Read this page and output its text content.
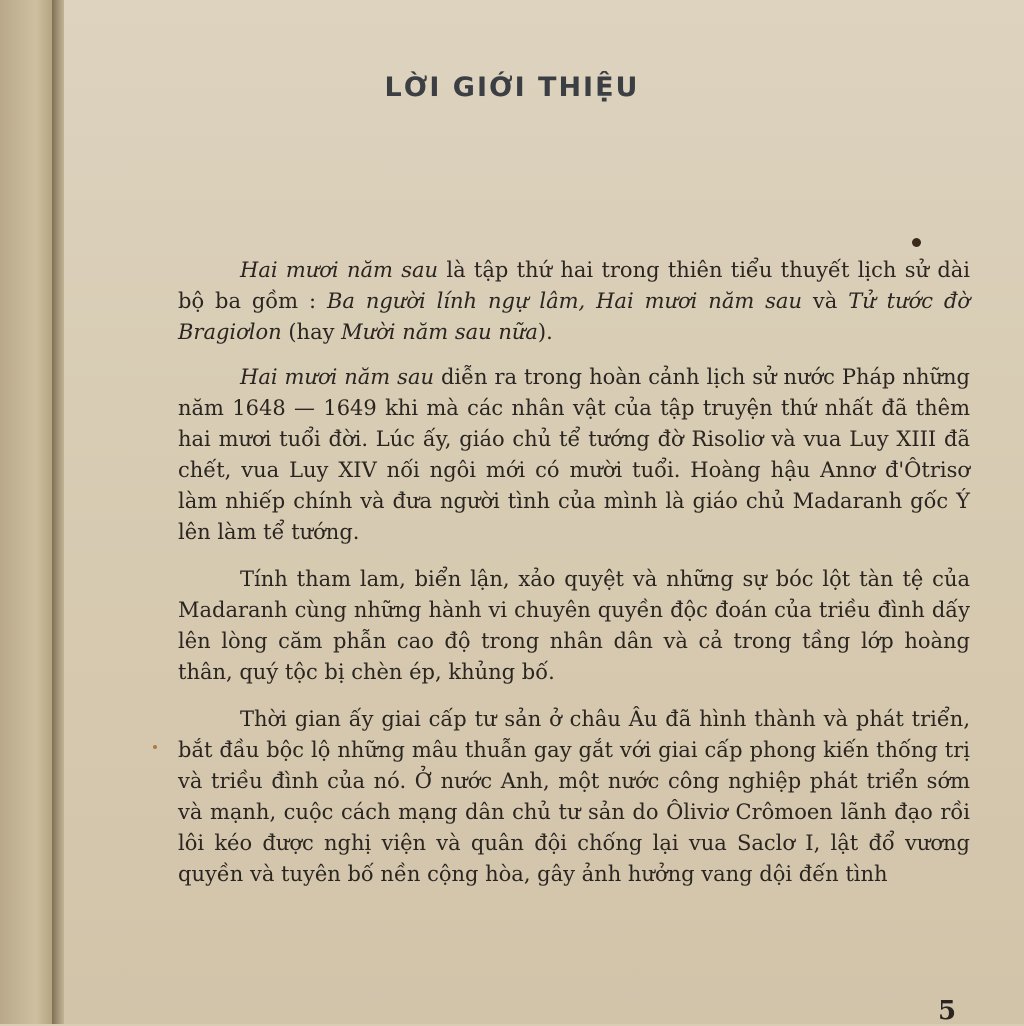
LỜI GIỚI THIỆU

Hai mươi năm sau là tập thứ hai trong thiên tiểu thuyết lịch sử dài bộ ba gồm : Ba người lính ngự lâm, Hai mươi năm sau và Tử tước đờ Bragiơlon (hay Mười năm sau nữa).

Hai mươi năm sau diễn ra trong hoàn cảnh lịch sử nước Pháp những năm 1648 — 1649 khi mà các nhân vật của tập truyện thứ nhất đã thêm hai mươi tuổi đời. Lúc ấy, giáo chủ tể tướng đờ Risoliơ và vua Luy XIII đã chết, vua Luy XIV nối ngôi mới có mười tuổi. Hoàng hậu Annơ đ'Ôtrisơ làm nhiếp chính và đưa người tình của mình là giáo chủ Madaranh gốc Ý lên làm tể tướng.

Tính tham lam, biển lận, xảo quyệt và những sự bóc lột tàn tệ của Madaranh cùng những hành vi chuyên quyền độc đoán của triều đình dấy lên lòng căm phẫn cao độ trong nhân dân và cả trong tầng lớp hoàng thân, quý tộc bị chèn ép, khủng bố.

Thời gian ấy giai cấp tư sản ở châu Âu đã hình thành và phát triển, bắt đầu bộc lộ những mâu thuẫn gay gắt với giai cấp phong kiến thống trị và triều đình của nó. Ở nước Anh, một nước công nghiệp phát triển sớm và mạnh, cuộc cách mạng dân chủ tư sản do Ôliviơ Crômoen lãnh đạo rồi lôi kéo được nghị viện và quân đội chống lại vua Saclơ I, lật đổ vương quyền và tuyên bố nền cộng hòa, gây ảnh hưởng vang dội đến tình

5
